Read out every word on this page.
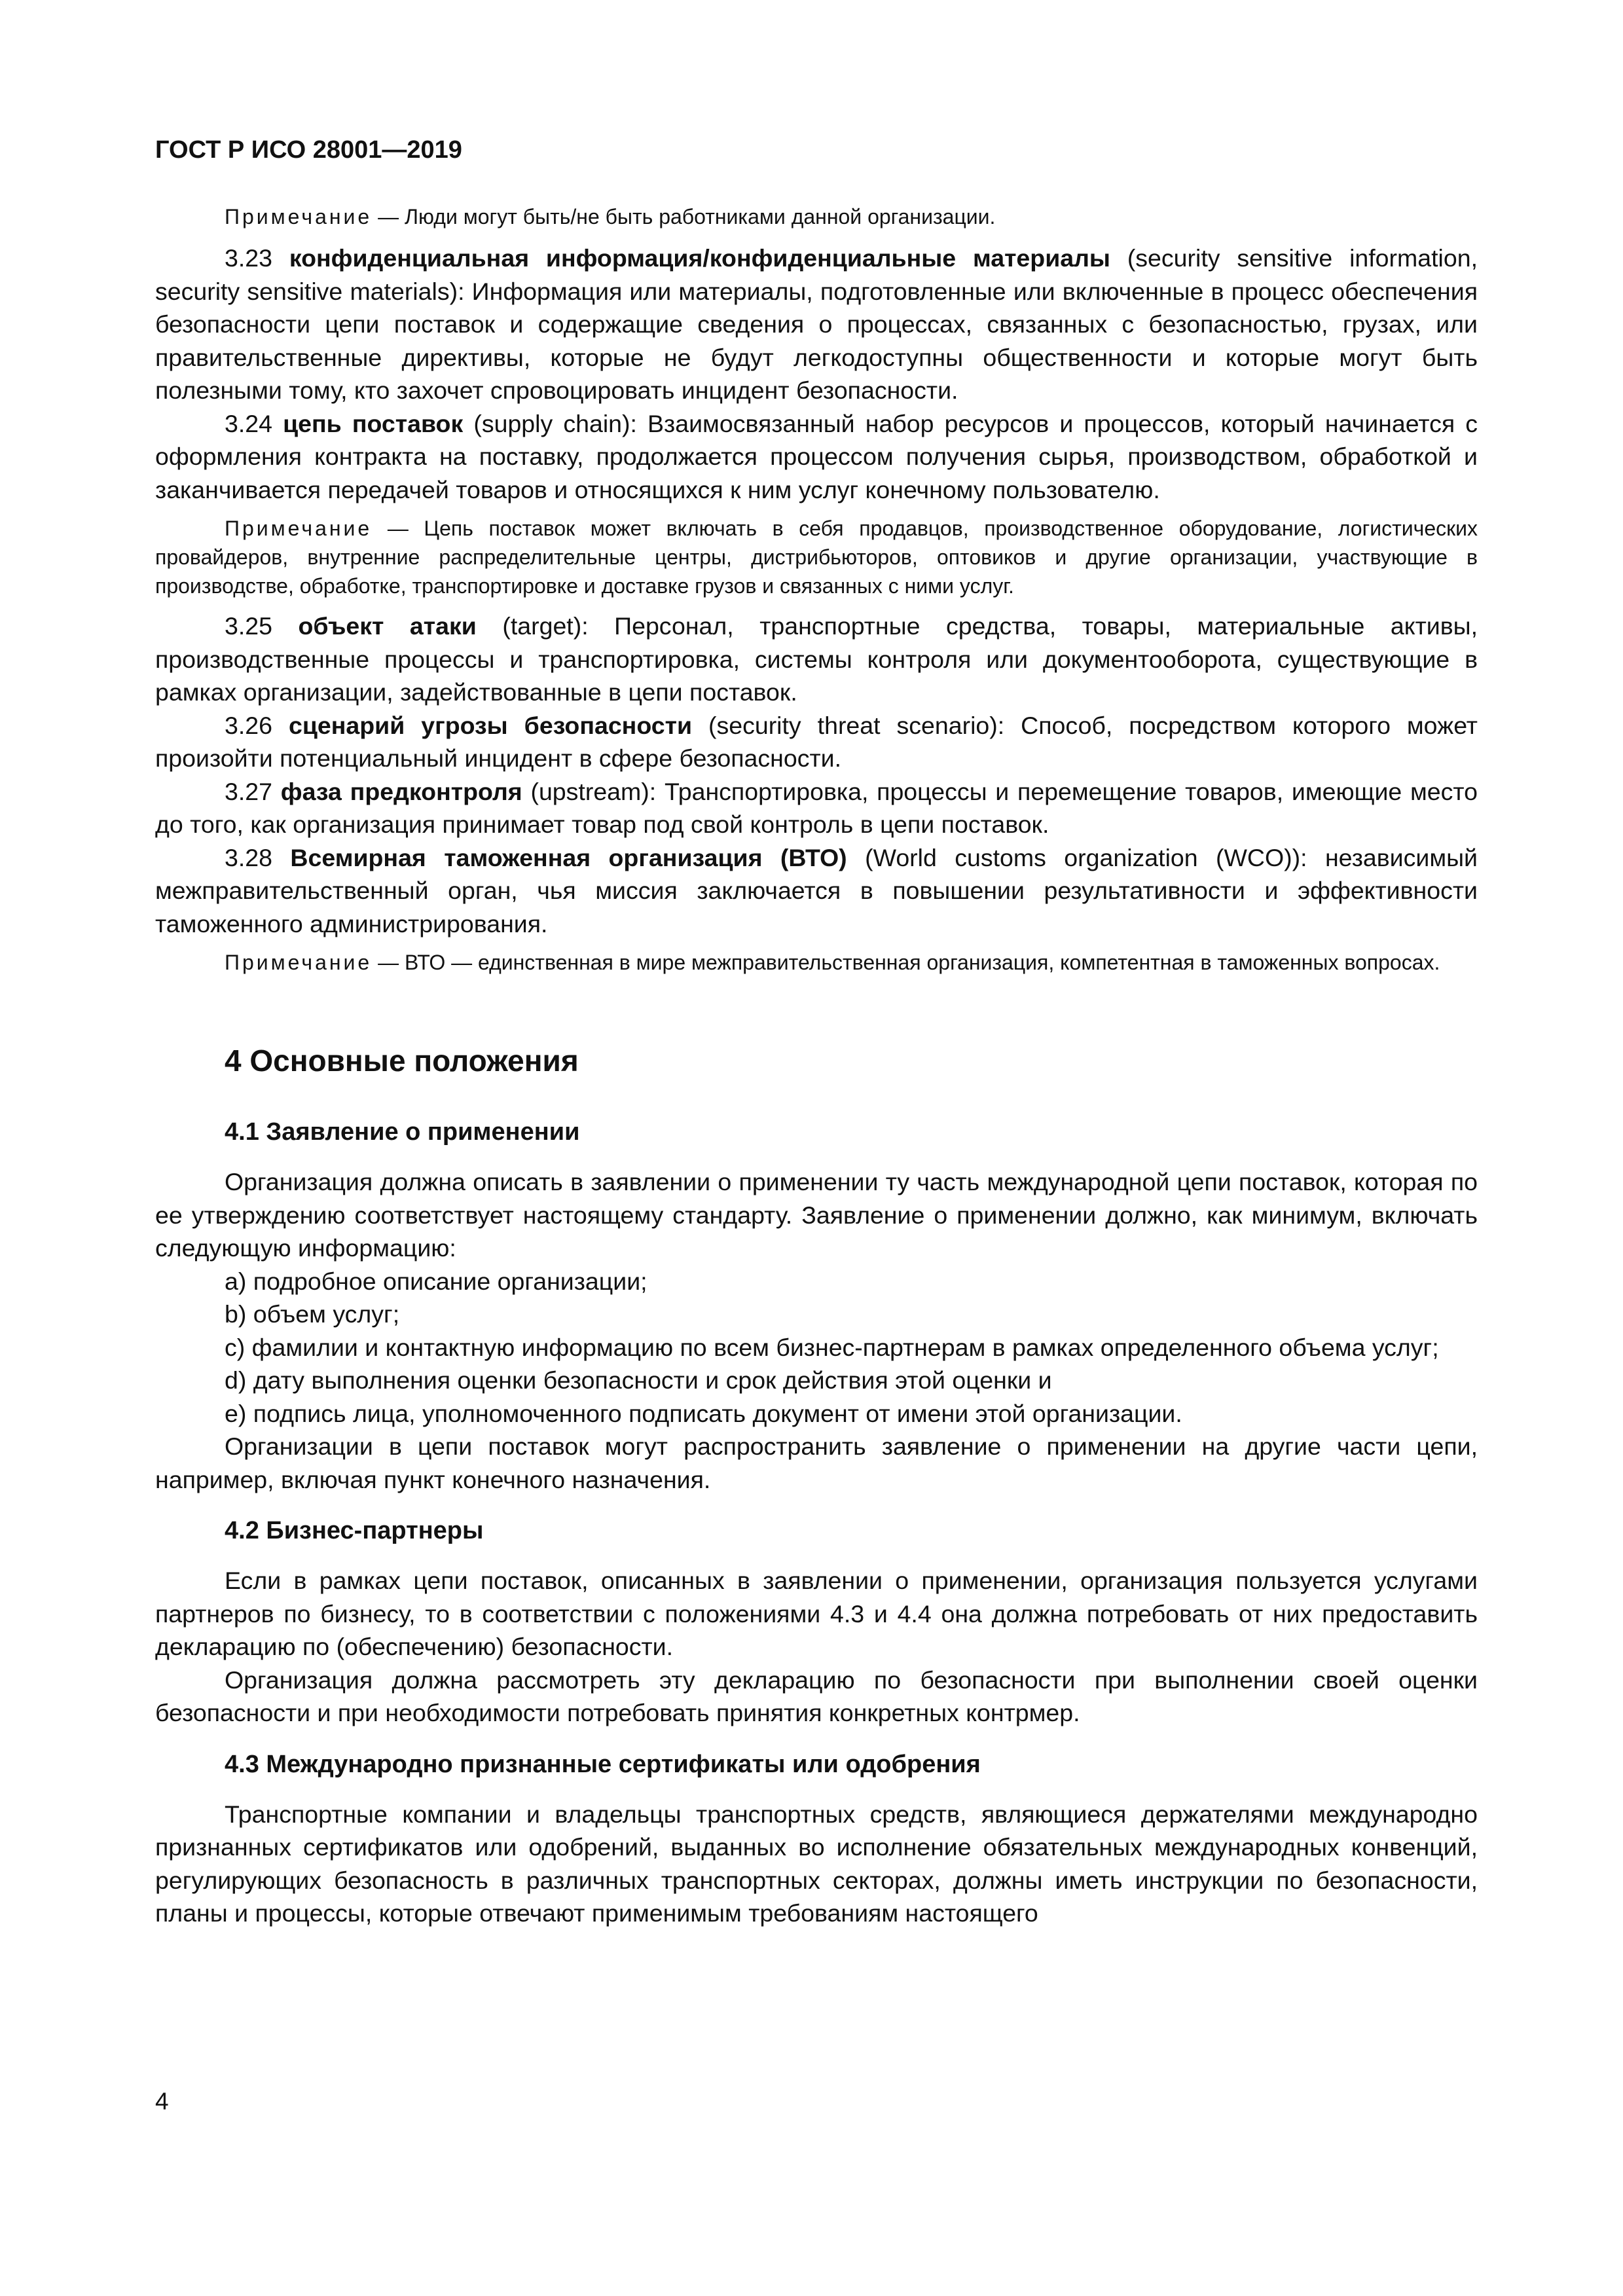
ГОСТ Р ИСО 28001—2019

Примечание — Люди могут быть/не быть работниками данной организации.

3.23 конфиденциальная информация/конфиденциальные материалы (security sensitive information, security sensitive materials): Информация или материалы, подготовленные или включенные в процесс обеспечения безопасности цепи поставок и содержащие сведения о процессах, связанных с безопасностью, грузах, или правительственные директивы, которые не будут легкодоступны общественности и которые могут быть полезными тому, кто захочет спровоцировать инцидент безопасности.

3.24 цепь поставок (supply chain): Взаимосвязанный набор ресурсов и процессов, который начинается с оформления контракта на поставку, продолжается процессом получения сырья, производством, обработкой и заканчивается передачей товаров и относящихся к ним услуг конечному пользователю.

Примечание — Цепь поставок может включать в себя продавцов, производственное оборудование, логистических провайдеров, внутренние распределительные центры, дистрибьюторов, оптовиков и другие организации, участвующие в производстве, обработке, транспортировке и доставке грузов и связанных с ними услуг.

3.25 объект атаки (target): Персонал, транспортные средства, товары, материальные активы, производственные процессы и транспортировка, системы контроля или документооборота, существующие в рамках организации, задействованные в цепи поставок.

3.26 сценарий угрозы безопасности (security threat scenario): Способ, посредством которого может произойти потенциальный инцидент в сфере безопасности.

3.27 фаза предконтроля (upstream): Транспортировка, процессы и перемещение товаров, имеющие место до того, как организация принимает товар под свой контроль в цепи поставок.

3.28 Всемирная таможенная организация (ВТО) (World customs organization (WCO)): независимый межправительственный орган, чья миссия заключается в повышении результативности и эффективности таможенного администрирования.

Примечание — ВТО — единственная в мире межправительственная организация, компетентная в таможенных вопросах.

4 Основные положения
4.1 Заявление о применении

Организация должна описать в заявлении о применении ту часть международной цепи поставок, которая по ее утверждению соответствует настоящему стандарту. Заявление о применении должно, как минимум, включать следующую информацию:

a) подробное описание организации;

b) объем услуг;

c) фамилии и контактную информацию по всем бизнес-партнерам в рамках определенного объема услуг;

d) дату выполнения оценки безопасности и срок действия этой оценки и

e) подпись лица, уполномоченного подписать документ от имени этой организации.

Организации в цепи поставок могут распространить заявление о применении на другие части цепи, например, включая пункт конечного назначения.

4.2 Бизнес-партнеры

Если в рамках цепи поставок, описанных в заявлении о применении, организация пользуется услугами партнеров по бизнесу, то в соответствии с положениями 4.3 и 4.4 она должна потребовать от них предоставить декларацию по (обеспечению) безопасности.

Организация должна рассмотреть эту декларацию по безопасности при выполнении своей оценки безопасности и при необходимости потребовать принятия конкретных контрмер.

4.3 Международно признанные сертификаты или одобрения

Транспортные компании и владельцы транспортных средств, являющиеся держателями международно признанных сертификатов или одобрений, выданных во исполнение обязательных международных конвенций, регулирующих безопасность в различных транспортных секторах, должны иметь инструкции по безопасности, планы и процессы, которые отвечают применимым требованиям настоящего

4
